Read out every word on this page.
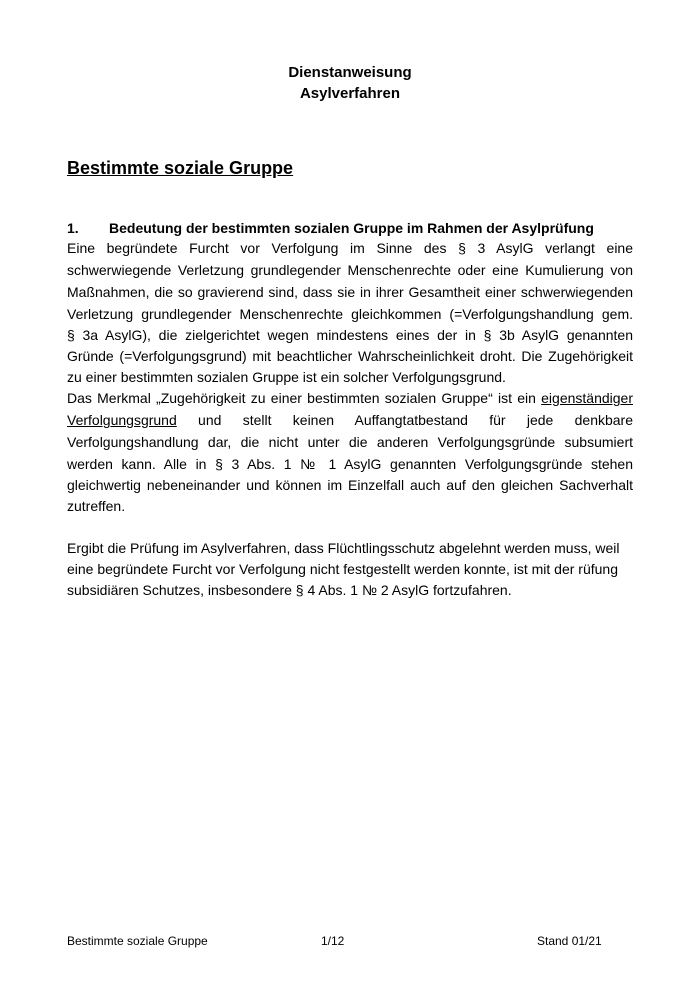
Dienstanweisung
Asylverfahren
Bestimmte soziale Gruppe
1. Bedeutung der bestimmten sozialen Gruppe im Rahmen der Asylprüfung
Eine begründete Furcht vor Verfolgung im Sinne des § 3 AsylG verlangt eine
schwerwiegende Verletzung grundlegender Menschenrechte oder eine Kumulierung von
Maßnahmen, die so gravierend sind, dass sie in ihrer Gesamtheit einer schwerwiegenden
Verletzung grundlegender Menschenrechte gleichkommen (=Verfolgungshandlung gem.
§ 3a AsylG), die zielgerichtet wegen mindestens eines der in § 3b AsylG genannten
Gründe (=Verfolgungsgrund) mit beachtlicher Wahrscheinlichkeit droht. Die Zugehörigkeit
zu einer bestimmten sozialen Gruppe ist ein solcher Verfolgungsgrund.
Das Merkmal „Zugehörigkeit zu einer bestimmten sozialen Gruppe“ ist ein eigenständiger
Verfolgungsgrund und stellt keinen Auffangtatbestand für jede denkbare
Verfolgungshandlung dar, die nicht unter die anderen Verfolgungsgründe subsumiert
werden kann. Alle in § 3 Abs. 1 № 1 AsylG genannten Verfolgungsgründe stehen
gleichwertig nebeneinander und können im Einzelfall auch auf den gleichen Sachverhalt
zutreffen.
Ergibt die Prüfung im Asylverfahren, dass Flüchtlingsschutz abgelehnt werden muss, weil
eine begründete Furcht vor Verfolgung nicht festgestellt werden konnte, ist mit der rüfung
subsidiären Schutzes, insbesondere § 4 Abs. 1 № 2 AsylG fortzufahren.
Bestimmte soziale Gruppe	1/12	Stand 01/21
